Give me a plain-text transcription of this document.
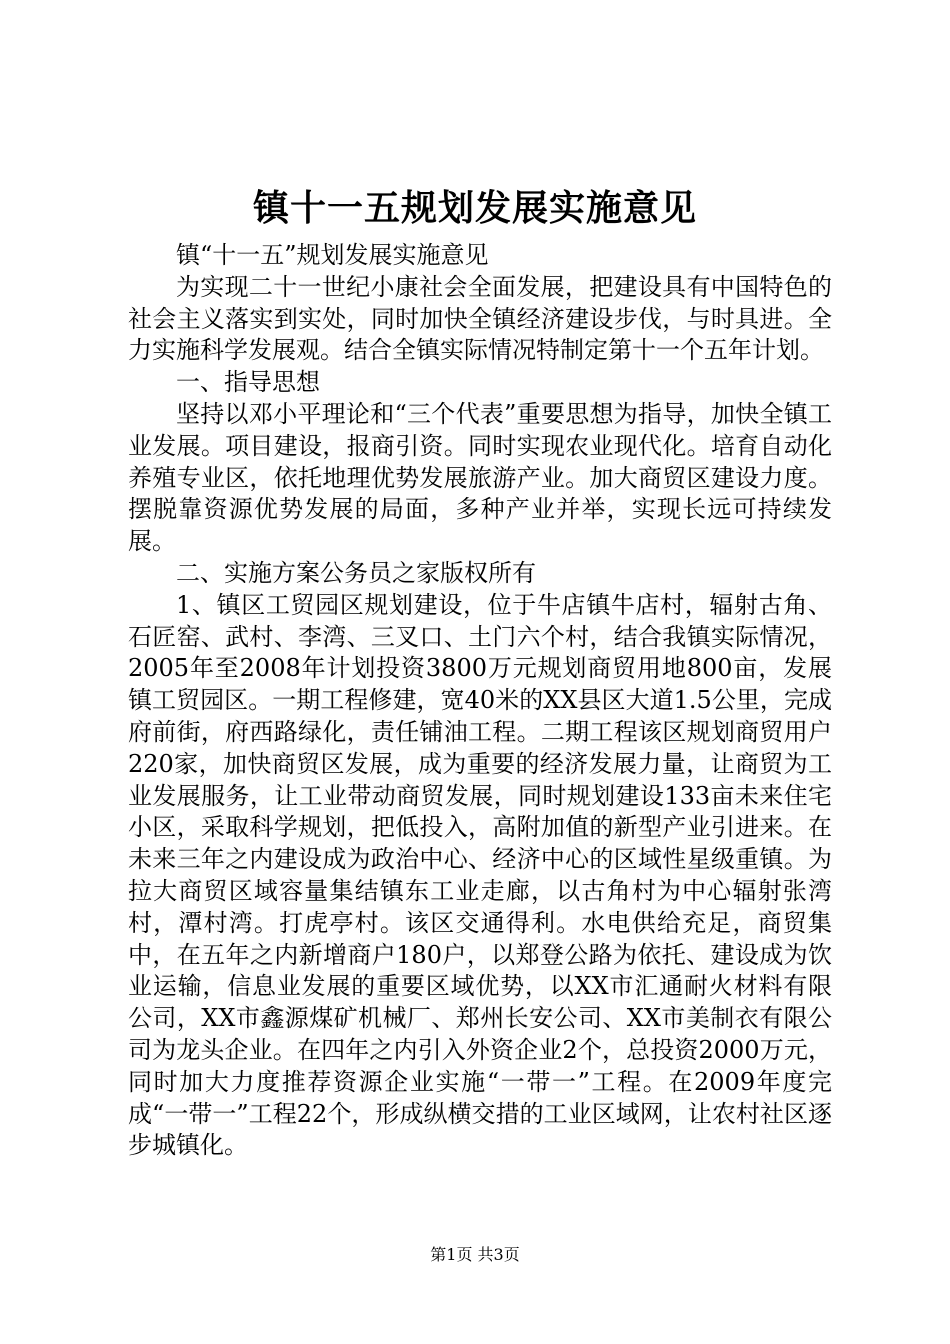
镇十一五规划发展实施意见

镇“十一五”规划发展实施意见

为实现二十一世纪小康社会全面发展，把建设具有中国特色的社会主义落实到实处，同时加快全镇经济建设步伐，与时具进。全力实施科学发展观。结合全镇实际情况特制定第十一个五年计划。

一、指导思想

坚持以邓小平理论和“三个代表”重要思想为指导，加快全镇工业发展。项目建设，报商引资。同时实现农业现代化。培育自动化养殖专业区，依托地理优势发展旅游产业。加大商贸区建设力度。摆脱靠资源优势发展的局面，多种产业并举，实现长远可持续发展。

二、实施方案公务员之家版权所有

1、镇区工贸园区规划建设，位于牛店镇牛店村，辐射古角、石匠窑、武村、李湾、三叉口、土门六个村，结合我镇实际情况，2005年至2008年计划投资3800万元规划商贸用地800亩，发展镇工贸园区。一期工程修建，宽40米的XX县区大道1.5公里，完成府前街，府西路绿化，责任铺油工程。二期工程该区规划商贸用户220家，加快商贸区发展，成为重要的经济发展力量，让商贸为工业发展服务，让工业带动商贸发展，同时规划建设133亩未来住宅小区，采取科学规划，把低投入，高附加值的新型产业引进来。在未来三年之内建设成为政治中心、经济中心的区域性星级重镇。为拉大商贸区域容量集结镇东工业走廊，以古角村为中心辐射张湾村，潭村湾。打虎亭村。该区交通得利。水电供给充足，商贸集中，在五年之内新增商户180户，以郑登公路为依托、建设成为饮业运输，信息业发展的重要区域优势，以XX市汇通耐火材料有限公司，XX市鑫源煤矿机械厂、郑州长安公司、XX市美制衣有限公司为龙头企业。在四年之内引入外资企业2个，总投资2000万元，同时加大力度推荐资源企业实施“一带一”工程。在2009年度完成“一带一”工程22个，形成纵横交措的工业区域网，让农村社区逐步城镇化。

第1页 共3页
